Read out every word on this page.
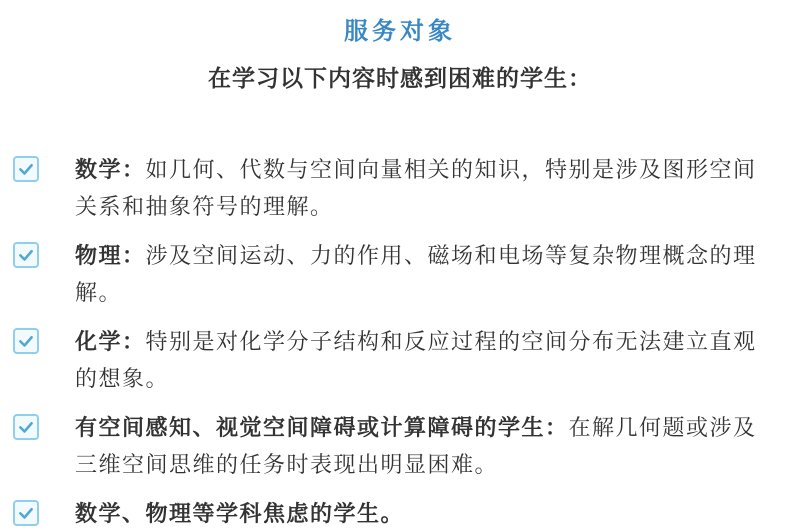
服务对象
在学习以下内容时感到困难的学生：
数学：如几何、代数与空间向量相关的知识，特别是涉及图形空间关系和抽象符号的理解。
物理：涉及空间运动、力的作用、磁场和电场等复杂物理概念的理解。
化学：特别是对化学分子结构和反应过程的空间分布无法建立直观的想象。
有空间感知、视觉空间障碍或计算障碍的学生：在解几何题或涉及三维空间思维的任务时表现出明显困难。
数学、物理等学科焦虑的学生。
